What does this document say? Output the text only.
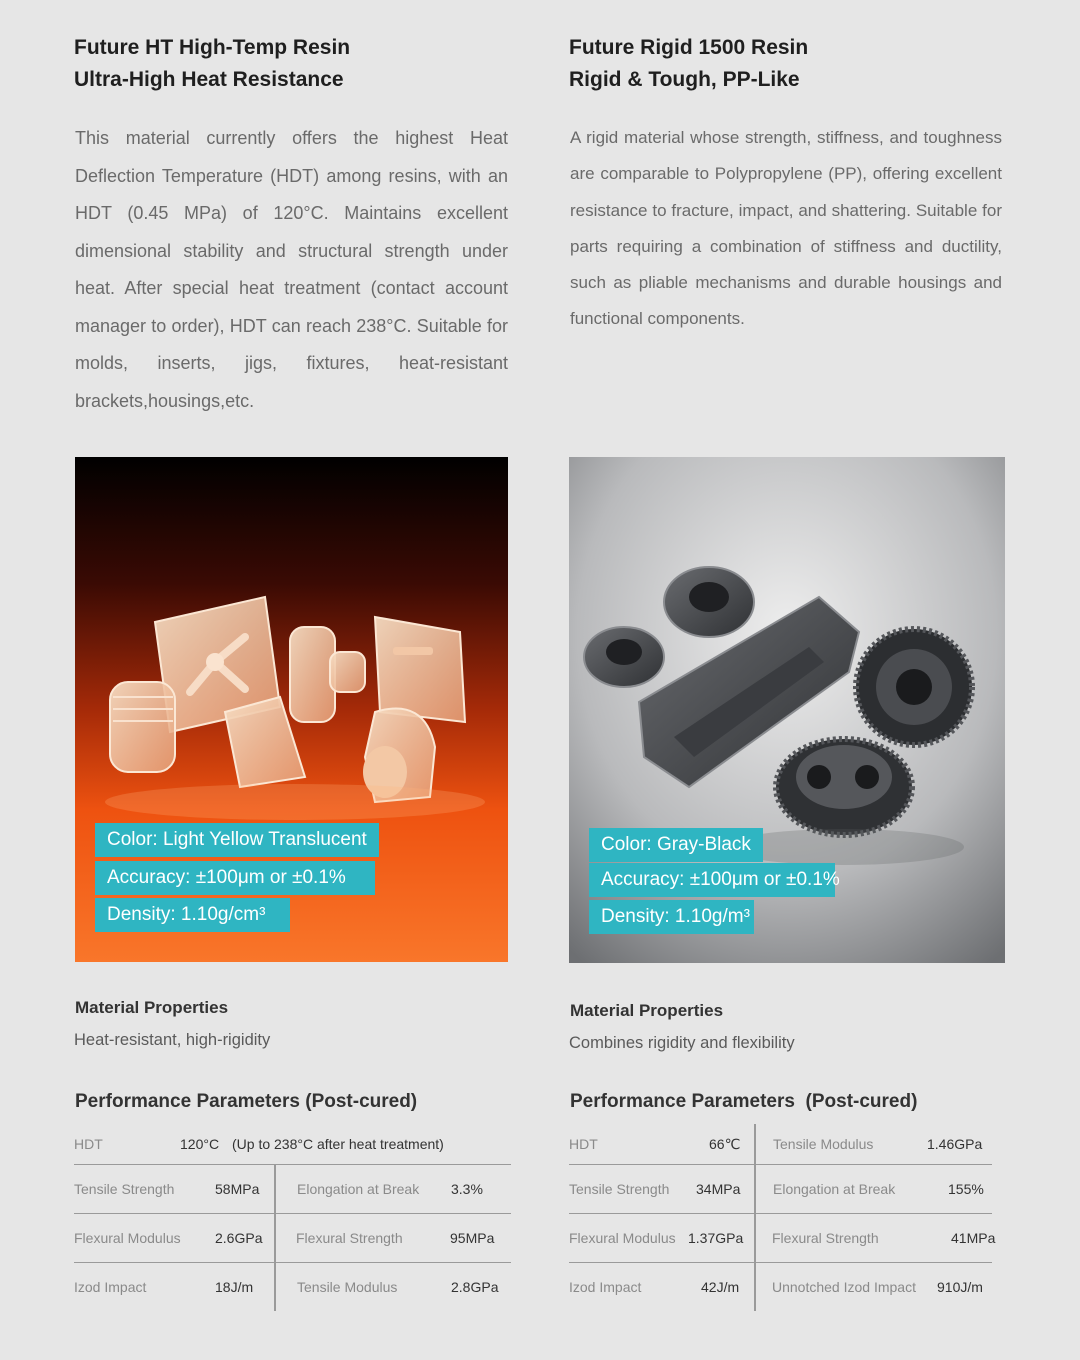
Future HT High-Temp Resin
Ultra-High Heat Resistance

This material currently offers the highest Heat Deflection Temperature (HDT) among resins, with an HDT (0.45 MPa) of 120°C. Maintains excellent dimensional stability and structural strength under heat. After special heat treatment (contact account manager to order), HDT can reach 238°C. Suitable for molds, inserts, jigs, fixtures, heat-resistant brackets,housings,etc.

Color: Light Yellow Translucent
Accuracy: ±100μm or ±0.1%
Density: 1.10g/cm³

Material Properties

Heat-resistant, high-rigidity

Performance Parameters (Post-cured)

HDT	120°C (Up to 238°C after heat treatment)
Tensile Strength	58MPa	Elongation at Break 3.3%
Flexural Modulus 2.6GPa Flexural Strength	95MPa
Izod Impact	18J/m	Tensile Modulus	2.8GPa
Future Rigid 1500 Resin
Rigid & Tough, PP-Like

A rigid material whose strength, stiffness, and toughness are comparable to Polypropylene (PP), offering excellent resistance to fracture, impact, and shattering. Suitable for parts requiring a combination of stiffness and ductility, such as pliable mechanisms and durable housings and functional components.

Color: Gray-Black
Accuracy: ±100μm or ±0.1%
Density: 1.10g/m³

Material Properties

Combines rigidity and flexibility

Performance Parameters  (Post-cured)

HDT	66℃ Tensile Modulus	1.46GPa
Tensile Strength 34MPa Elongation at Break	155%
Flexural Modulus 1.37GPa Flexural Strength	41MPa
Izod Impact	42J/m Unnotched Izod Impact 910J/m
